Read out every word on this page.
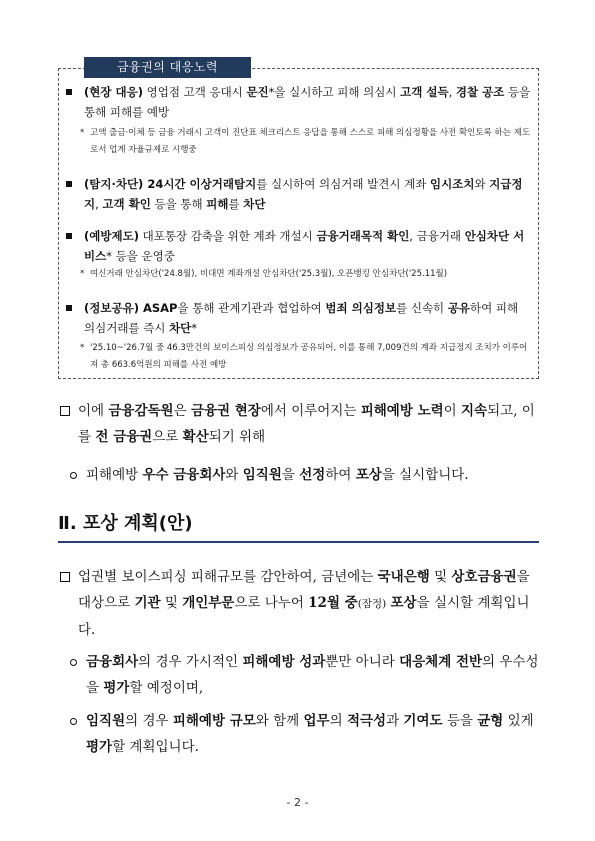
금융권의 대응노력
(현장 대응) 영업점 고객 응대시 문진*을 실시하고 피해 의심시 고객 설득, 경찰 공조 등을 통해 피해를 예방
* 고액 출금·이체 등 금융 거래시 고객이 진단표 체크리스트 응답을 통해 스스로 피해 의심정황을 사전 확인토록 하는 제도로서 업계 자율규제로 시행중
(탐지·차단) 24시간 이상거래탐지를 실시하여 의심거래 발견시 계좌 임시조치와 지급정지, 고객 확인 등을 통해 피해를 차단
(예방제도) 대포통장 감축을 위한 계좌 개설시 금융거래목적 확인, 금융거래 안심차단 서비스* 등을 운영중
* 여신거래 안심차단('24.8월), 비대면 계좌개설 안심차단('25.3월), 오픈뱅킹 안심차단('25.11월)
(정보공유) ASAP을 통해 관계기관과 협업하여 범죄 의심정보를 신속히 공유하여 피해 의심거래를 즉시 차단*
* '25.10~'26.7월 중 46.3만건의 보이스피싱 의심정보가 공유되어, 이를 통해 7,009건의 계좌 지급정지 조치가 이루어져 총 663.6억원의 피해를 사전 예방
이에 금융감독원은 금융권 현장에서 이루어지는 피해예방 노력이 지속되고, 이를 전 금융권으로 확산되기 위해
피해예방 우수 금융회사와 임직원을 선정하여 포상을 실시합니다.
Ⅱ. 포상 계획(안)
업권별 보이스피싱 피해규모를 감안하여, 금년에는 국내은행 및 상호금융권을 대상으로 기관 및 개인부문으로 나누어 12월 중(잠정) 포상을 실시할 계획입니다.
금융회사의 경우 가시적인 피해예방 성과뿐만 아니라 대응체계 전반의 우수성을 평가할 예정이며,
임직원의 경우 피해예방 규모와 함께 업무의 적극성과 기여도 등을 균형 있게 평가할 계획입니다.
- 2 -
